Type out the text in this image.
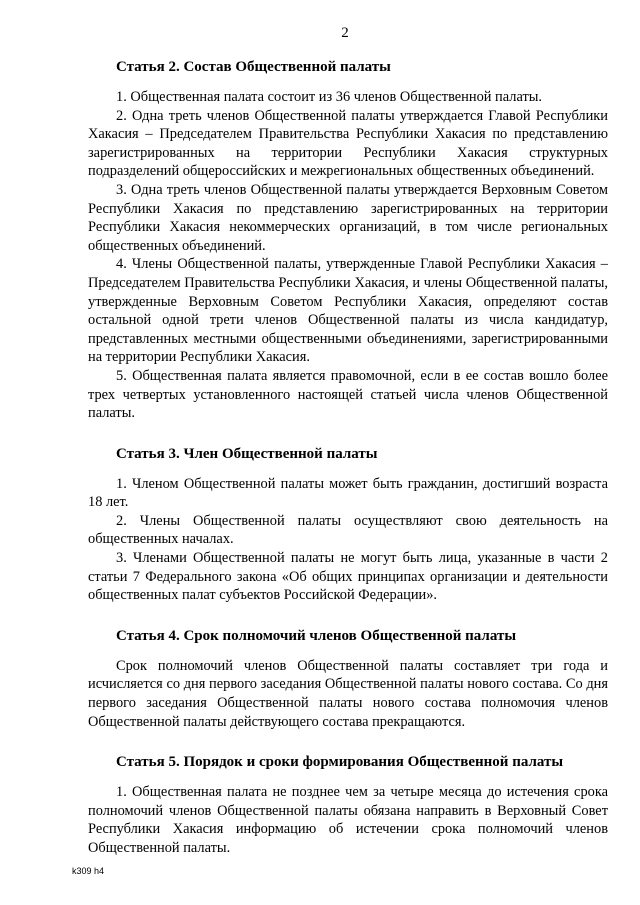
2
Статья 2. Состав Общественной палаты

1. Общественная палата состоит из 36 членов Общественной палаты.

2. Одна треть членов Общественной палаты утверждается Главой Республики Хакасия – Председателем Правительства Республики Хакасия по представлению зарегистрированных на территории Республики Хакасия структурных подразделений общероссийских и межрегиональных общественных объединений.

3. Одна треть членов Общественной палаты утверждается Верховным Советом Республики Хакасия по представлению зарегистрированных на территории Республики Хакасия некоммерческих организаций, в том числе региональных общественных объединений.

4. Члены Общественной палаты, утвержденные Главой Республики Хакасия – Председателем Правительства Республики Хакасия, и члены Общественной палаты, утвержденные Верховным Советом Республики Хакасия, определяют состав остальной одной трети членов Общественной палаты из числа кандидатур, представленных местными общественными объединениями, зарегистрированными на территории Республики Хакасия.

5. Общественная палата является правомочной, если в ее состав вошло более трех четвертых установленного настоящей статьей числа членов Общественной палаты.

Статья 3. Член Общественной палаты

1. Членом Общественной палаты может быть гражданин, достигший возраста 18 лет.

2. Члены Общественной палаты осуществляют свою деятельность на общественных началах.

3. Членами Общественной палаты не могут быть лица, указанные в части 2 статьи 7 Федерального закона «Об общих принципах организации и деятельности общественных палат субъектов Российской Федерации».

Статья 4. Срок полномочий членов Общественной палаты

Срок полномочий членов Общественной палаты составляет три года и исчисляется со дня первого заседания Общественной палаты нового состава. Со дня первого заседания Общественной палаты нового состава полномочия членов Общественной палаты действующего состава прекращаются.

Статья 5. Порядок и сроки формирования Общественной палаты

1. Общественная палата не позднее чем за четыре месяца до истечения срока полномочий членов Общественной палаты обязана направить в Верховный Совет Республики Хакасия информацию об истечении срока полномочий членов Общественной палаты.

k309 h4
